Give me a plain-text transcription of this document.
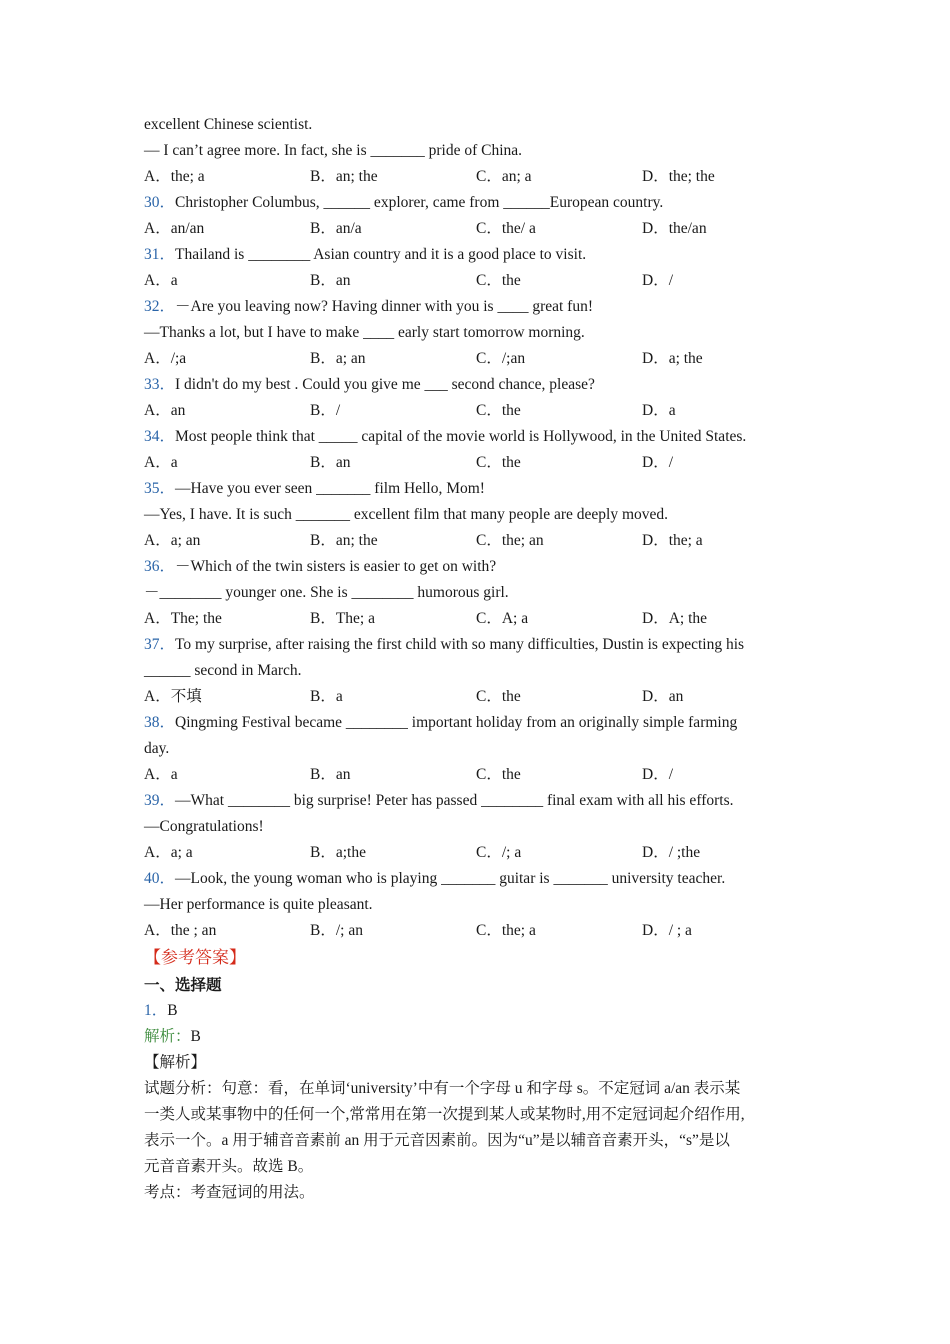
excellent Chinese scientist.
— I can’t agree more. In fact, she is _______ pride of China.
A．the; a	B．an; the	C．an; a	D．the; the
30．Christopher Columbus, ______ explorer, came from ______European country.
A．an/an	B．an/a	C．the/ a	D．the/an
31．Thailand is ________ Asian country and it is a good place to visit.
A．a	B．an	C．the	D．/
32．－Are you leaving now? Having dinner with you is ____ great fun!
—Thanks a lot, but I have to make ____ early start tomorrow morning.
A．/;a	B．a; an	C．/;an	D．a; the
33．I didn't do my best . Could you give me ___ second chance, please?
A．an	B．/	C．the	D．a
34．Most people think that _____ capital of the movie world is Hollywood, in the United States.
A．a	B．an	C．the	D．/
35．—Have you ever seen _______ film Hello, Mom!
—Yes, I have. It is such _______ excellent film that many people are deeply moved.
A．a; an	B．an; the	C．the; an	D．the; a
36．－Which of the twin sisters is easier to get on with?
－________ younger one. She is ________ humorous girl.
A．The; the	B．The; a	C．A; a	D．A; the
37．To my surprise, after raising the first child with so many difficulties, Dustin is expecting his
______ second in March.
A．不填	B．a	C．the	D．an
38．Qingming Festival became ________ important holiday from an originally simple farming
day.
A．a	B．an	C．the	D．/
39．—What ________ big surprise! Peter has passed ________ final exam with all his efforts.
—Congratulations!
A．a; a	B．a;the	C．/; a	D．/ ;the
40．—Look, the young woman who is playing _______ guitar is _______ university teacher.
—Her performance is quite pleasant.
A．the ; an	B．/; an	C．the; a	D．/ ; a
【参考答案】
一、选择题
1．B
解析：B
【解析】
试题分析：句意：看，在单词‘university’中有一个字母 u 和字母 s。不定冠词 a/an 表示某
一类人或某事物中的任何一个,常常用在第一次提到某人或某物时,用不定冠词起介绍作用,
表示一个。a 用于辅音音素前 an 用于元音因素前。因为“u”是以辅音音素开头，“s”是以
元音音素开头。故选 B。
考点：考查冠词的用法。
